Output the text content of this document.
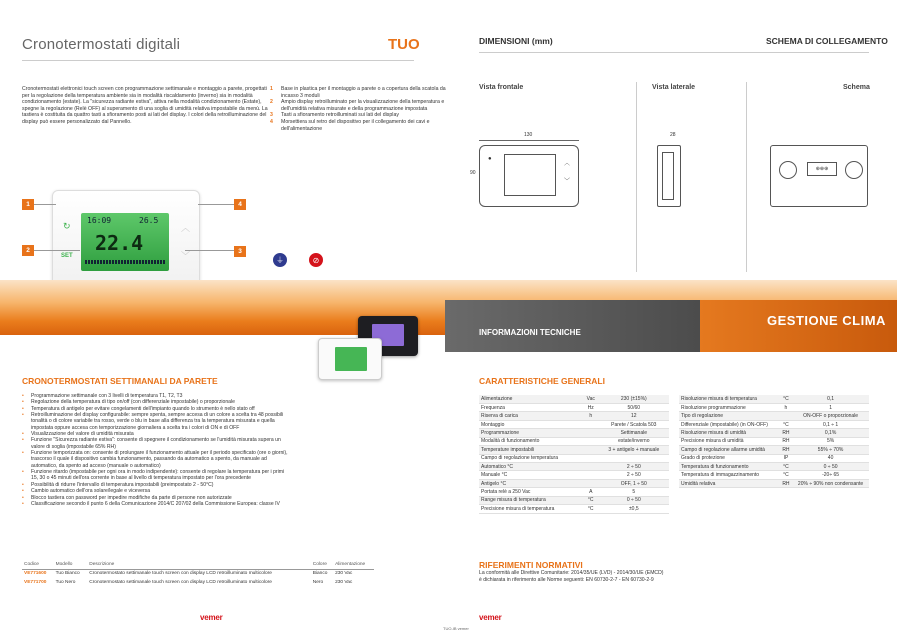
Cronotermostati digitali	TUO	DIMENSIONI (mm)	SCHEMA DI COLLEGAMENTO

Cronotermostati elettronici touch screen con programmazione settimanale e montaggio a parete, progettati per la regolazione della temperatura ambiente sia in modalità riscaldamento (inverno) sia in modalità condizionamento (estate). La "sicurezza radiante estiva", attiva nella modalità condizionamento (Estate), spegne la regolazione (Relè OFF) al superamento di una soglia di umidità relativa impostabile da menù. La tastiera è costituita da quattro tasti a sfioramento posti ai lati del display. I colori della retroilluminazione del display può essere personalizzato dal Pannello.

1	Base in plastica per il montaggio a parete o a copertura della scatola da incasso 3 moduli
2	Ampio display retroilluminato per la visualizzazione della temperatura e dell'umidità relativa misurate e della programmazione impostata
3	Tasti a sfioramento retroilluminati sui lati del display
4	Morsettiera sul retro del dispositivo per il collegamento dei cavi e dell'alimentazione
16:09	26.5
22.4
SET
↻	︿
﹀
1
2	3
4
⏚	⊘
Vista frontale	Vista laterale	Schema
130
90
●
︿
﹀
28
⊕⊕⊕
INFORMAZIONI TECNICHE
GESTIONE CLIMA
CRONOTERMOSTATI SETTIMANALI DA PARETE
• Programmazione settimanale con 3 livelli di temperatura T1, T2, T3
• Regolazione della temperatura di tipo on/off (con differenziale impostabile) o proporzionale
• Temperatura di antigelo per evitare congelamenti dell'impianto quando lo strumento è nello stato off
• Retroilluminazione del display configurabile: sempre spenta, sempre accesa di un colore a scelta tra 48 possibili tonalità o di colore variabile tra rosso, verde o blu in base alla differenza tra la temperatura misurata e quella impostata oppure accesa con temporizzazione giornaliera a scelta tra i colori di ON e di OFF
• Visualizzazione del valore di umidità misurata
• Funzione "Sicurezza radiante estiva": consente di spegnere il condizionamento se l'umidità misurata supera un valore di soglia (impostabile 65% RH)
• Funzione temporizzata on: consente di prolungare il funzionamento attuale per il periodo specificato (ore o giorni), trascorso il quale il dispositivo cambia funzionamento, passando da automatico a spento, da manuale ad automatico, da spento ad acceso (manuale o automatico)
• Funzione ritardo (impostabile per ogni ora in modo indipendente): consente di regolare la temperatura per i primi 15, 30 o 45 minuti dell'ora corrente in base al livello di temperatura impostato per l'ora precedente
• Possibilità di ridurre l'intervallo di temperatura impostabili (preimpostato 2 - 50°C)
• Cambio automatico dell'ora solare/legale e viceversa
• Blocco tastiera con password per impedire modifiche da parte di persone non autorizzate
• Classificazione secondo il punto 6 della Comunicazione 2014/C 207/02 della Commissione Europea: classe IV
Codice	Modello	Descrizione	Colore	Alimentazione
VE771600	Tuo Bianco	Cronotermostato settimanale touch screen con display LCD retroilluminato multicolore	Bianco	230 Vac
VE771700	Tuo Nero	Cronotermostato settimanale touch screen con display LCD retroilluminato multicolore	Nero	230 Vac
CARATTERISTICHE GENERALI
Alimentazione	Vac	230 (±15%)
Frequenza	Hz	50/60
Riserva di carica	h	12
Montaggio		Parete / Scatola 503
Programmazione		Settimanale
Modalità di funzionamento		estate/inverno
Temperature impostabili		3 + antigelo + manuale
Campo di regolazione temperatura		
Automatico °C		2 ÷ 50
Manuale °C		2 ÷ 50
Antigelo °C		OFF, 1 ÷ 50
Portata relè a 250 Vac	A	5
Range misura di temperatura	°C	0 ÷ 50
Precisione misura di temperatura	°C	±0,5
Risoluzione misura di temperatura	°C	0,1
Risoluzione programmazione	h	1
Tipo di regolazione		ON-OFF o proporzionale
Differenziale (impostabile) (in ON-OFF)	°C	0,1 ÷ 1
Risoluzione misura di umidità	RH	0,1%
Precisione misura di umidità	RH	5%
Campo di regolazione allarme umidità	RH	55% ÷ 70%
Grado di protezione	IP	40
Temperatura di funzionamento	°C	0 ÷ 50
Temperatura di immagazzinamento	°C	-20÷ 65
Umidità relativa	RH	20% ÷ 90% non condensante
RIFERIMENTI NORMATIVI
La conformità alle Direttive Comunitarie: 2014/35/UE (LVD) - 2014/30/UE (EMCD)
è dichiarata in riferimento alle Norme seguenti: EN 60730-2-7 - EN 60730-2-9
vemer	vemer
TUO-IB vemer
